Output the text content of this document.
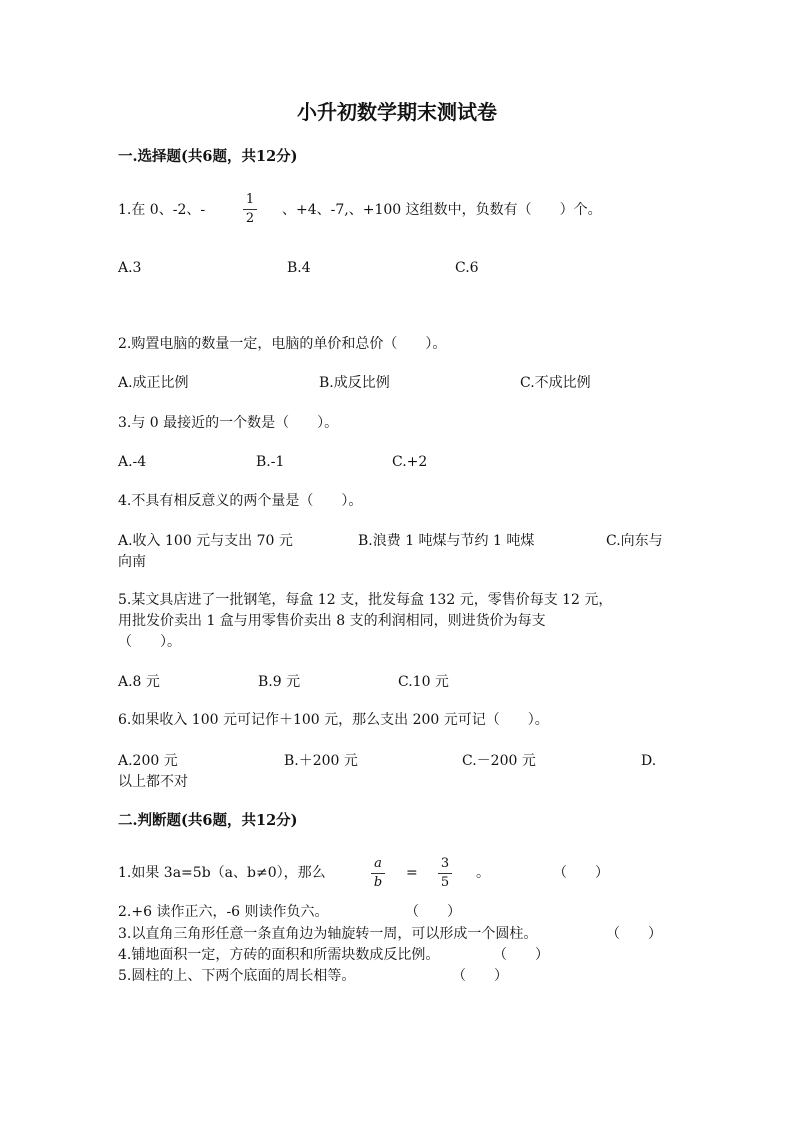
小升初数学期末测试卷
一.选择题(共6题，共12分)
1.在 0、-2、-
1
2
、+4、-7,、+100 这组数中，负数有（　　）个。
A.3	B.4	C.6
2.购置电脑的数量一定，电脑的单价和总价（　　）。
A.成正比例	B.成反比例	C.不成比例
3.与 0 最接近的一个数是（　　）。
A.-4	B.-1	C.+2
4.不具有相反意义的两个量是（　　）。
A.收入 100 元与支出 70 元	B.浪费 1 吨煤与节约 1 吨煤	C.向东与
向南
5.某文具店进了一批钢笔，每盒 12 支，批发每盒 132 元，零售价每支 12 元，
用批发价卖出 1 盒与用零售价卖出 8 支的利润相同，则进货价为每支
（　　）。
A.8 元	B.9 元	C.10 元
6.如果收入 100 元可记作＋100 元，那么支出 200 元可记（　　）。
A.200 元	B.＋200 元	C.－200 元	D.
以上都不对
二.判断题(共6题，共12分)
1.如果 3a=5b（a、b≠0），那么
a
b
=
3
5
。	（　　）
2.+6 读作正六，-6 则读作负六。	（　　）
3.以直角三角形任意一条直角边为轴旋转一周，可以形成一个圆柱。	（　　）
4.铺地面积一定，方砖的面积和所需块数成反比例。	（　　）
5.圆柱的上、下两个底面的周长相等。	（　　）
